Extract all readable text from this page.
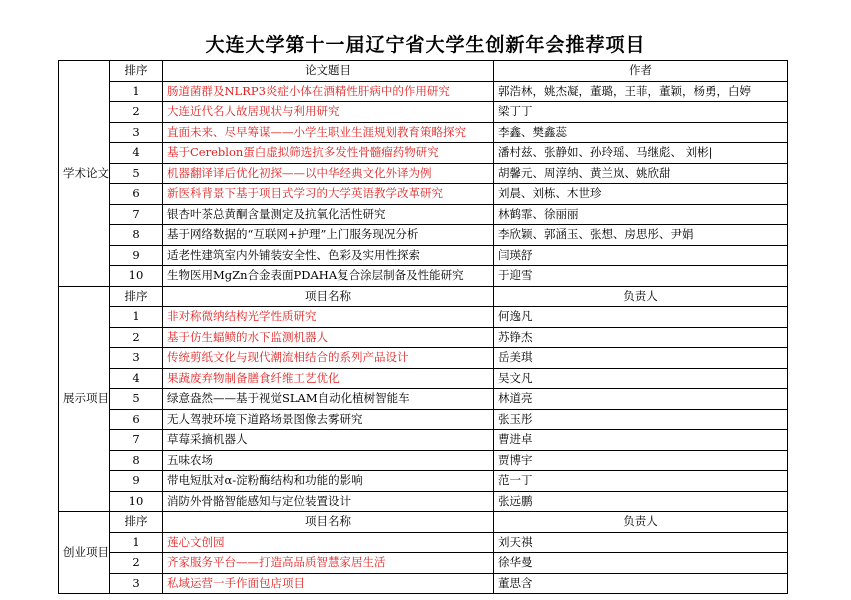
大连大学第十一届辽宁省大学生创新年会推荐项目
学术论文	排序	论文题目	作者
	1	肠道菌群及NLRP3炎症小体在酒精性肝病中的作用研究	郭浩林，姚杰凝，董璐，王菲，董颖，杨勇，白婷
	2	大连近代名人故居现状与利用研究	梁丁丁
	3	直面未来、尽早筹谋——小学生职业生涯规划教育策略探究	李鑫、樊鑫蕊
	4	基于Cereblon蛋白虚拟筛选抗多发性骨髓瘤药物研究	潘村兹、张静如、孙玲瑶、马继彪、 刘彬|
	5	机器翻译译后优化初探——以中华经典文化外译为例	胡馨元、周淳纳、黄兰岚、姚欣甜
	6	新医科背景下基于项目式学习的大学英语教学改革研究	刘晨、刘栋、木世珍
	7	银杏叶茶总黄酮含量测定及抗氧化活性研究	林鹤霏、徐丽丽
	8	基于网络数据的“互联网+护理”上门服务现况分析	李欣颖、郭涵玉、张想、房思彤、尹娟
	9	适老性建筑室内外铺装安全性、色彩及实用性探索	闫瑛舒
	10	生物医用MgZn合金表面PDAHA复合涂层制备及性能研究	于迎雪
展示项目	排序	项目名称	负责人
	1	非对称微纳结构光学性质研究	何逸凡
	2	基于仿生蝠鲼的水下监测机器人	苏铮杰
	3	传统剪纸文化与现代潮流相结合的系列产品设计	岳美琪
	4	果蔬废弃物制备膳食纤维工艺优化	吴文凡
	5	绿意盎然——基于视觉SLAM自动化植树智能车	林道亮
	6	无人驾驶环境下道路场景图像去雾研究	张玉彤
	7	草莓采摘机器人	曹进卓
	8	五味农场	贾博宇
	9	带电短肽对α-淀粉酶结构和功能的影响	范一丁
	10	消防外骨骼智能感知与定位装置设计	张远鹏
创业项目	排序	项目名称	负责人
	1	莲心文创园	刘天祺
	2	齐家服务平台——打造高品质智慧家居生活	徐华曼
	3	私域运营一手作面包店项目	董思含
